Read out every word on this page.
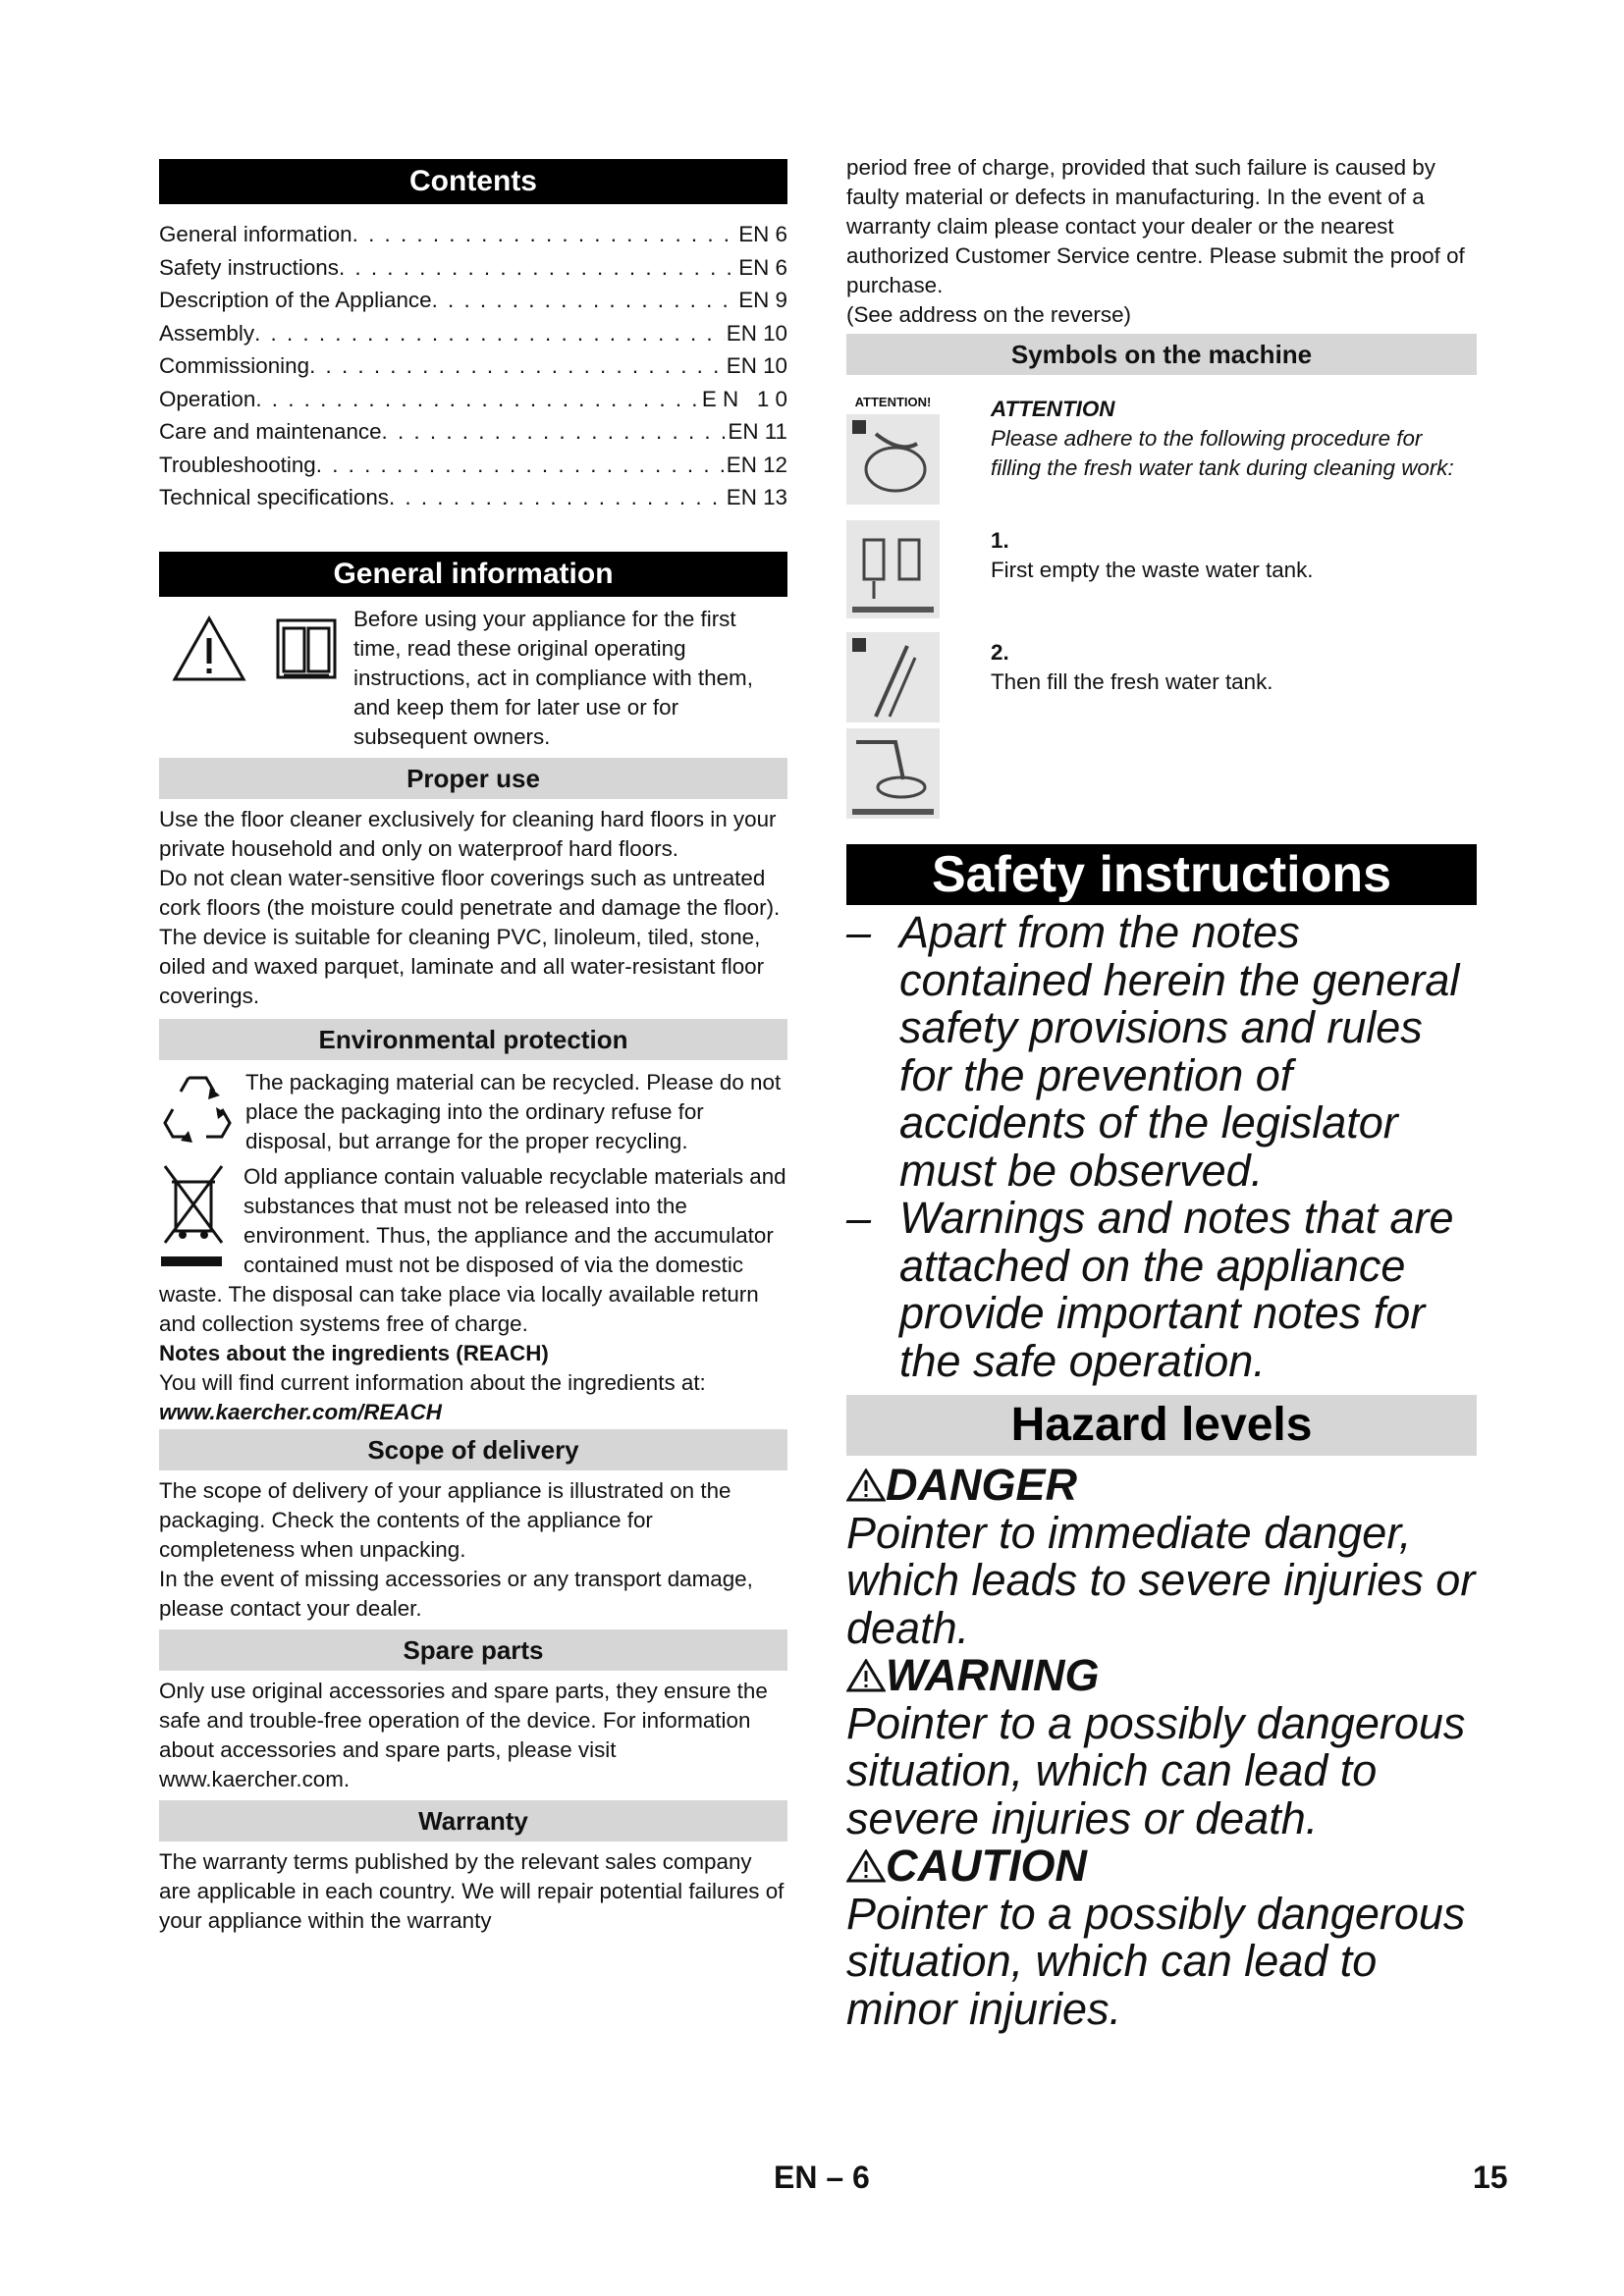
Contents
General information . . .	EN 6
Safety instructions . . .	EN 6
Description of the Appliance . . .	EN 9
Assembly . . .	EN 10
Commissioning . . .	EN 10
Operation . . .	E N   1 0
Care and maintenance . . .	EN 11
Troubleshooting . . .	EN 12
Technical specifications . . .	EN 13
General information

Before using your appliance for the first time, read these original operating instructions, act in compliance with them, and keep them for later use or for subsequent owners.

Proper use

Use the floor cleaner exclusively for cleaning hard floors in your private household and only on waterproof hard floors.

Do not clean water-sensitive floor coverings such as untreated cork floors (the moisture could penetrate and damage the floor).

The device is suitable for cleaning PVC, linoleum, tiled, stone, oiled and waxed parquet, laminate and all water-resistant floor coverings.

Environmental protection

The packaging material can be recycled. Please do not place the packaging into the ordinary refuse for disposal, but arrange for the proper recycling.

Old appliance contain valuable recyclable materials and substances that must not be released into the environment. Thus, the appliance and the accumulator contained must not be disposed of via the domestic waste. The disposal can take place via locally available return and collection systems free of charge.

Notes about the ingredients (REACH)

You will find current information about the ingredients at:

www.kaercher.com/REACH

Scope of delivery

The scope of delivery of your appliance is illustrated on the packaging. Check the contents of the appliance for completeness when unpacking.

In the event of missing accessories or any transport damage, please contact your dealer.

Spare parts

Only use original accessories and spare parts, they ensure the safe and trouble-free operation of the device. For information about accessories and spare parts, please visit www.kaercher.com.

Warranty

The warranty terms published by the relevant sales company are applicable in each country. We will repair potential failures of your appliance within the warranty

period free of charge, provided that such failure is caused by faulty material or defects in manufacturing. In the event of a warranty claim please contact your dealer or the nearest authorized Customer Service centre. Please submit the proof of purchase.

(See address on the reverse)

Symbols on the machine
ATTENTION!	ATTENTION

Please adhere to the following procedure for filling the fresh water tank during cleaning work:

1.

First empty the waste water tank.

2.

Then fill the fresh water tank.

Safety instructions
– Apart from the notes contained herein the general safety provisions and rules for the prevention of accidents of the legislator must be observed.

– Warnings and notes that are attached on the appliance provide important notes for the safe operation.

Hazard levels

DANGER

Pointer to immediate danger, which leads to severe injuries or death.

WARNING

Pointer to a possibly dangerous situation, which can lead to severe injuries or death.

CAUTION

Pointer to a possibly dangerous situation, which can lead to minor injuries.

EN – 6	15
